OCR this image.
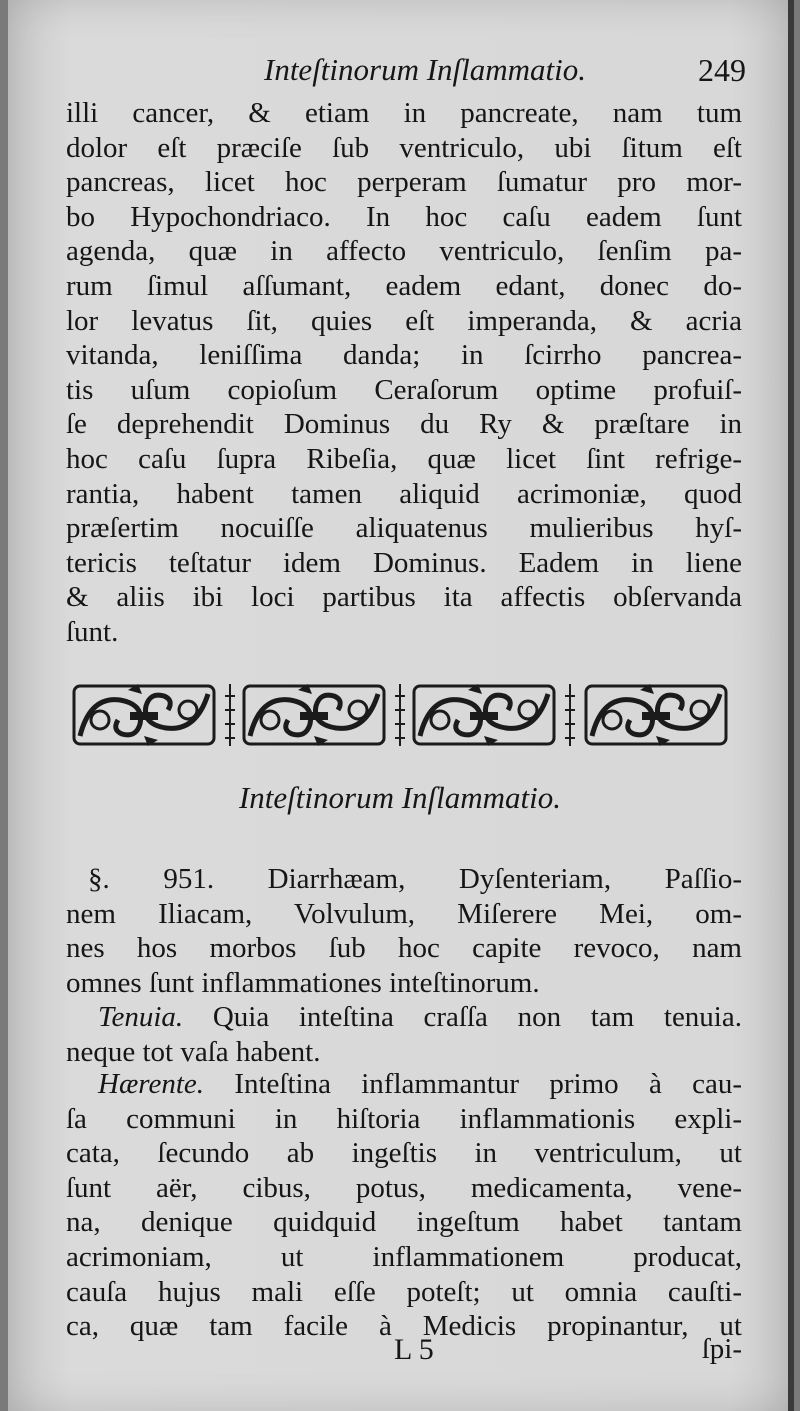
Inteſtinorum Inſlammatio.	249
illi cancer, & etiam in pancreate, nam tum
dolor eſt præciſe ſub ventriculo, ubi ſitum eſt
pancreas, licet hoc perperam ſumatur pro mor-
bo Hypochondriaco. In hoc caſu eadem ſunt
agenda, quæ in affecto ventriculo, ſenſim pa-
rum ſimul aſſumant, eadem edant, donec do-
lor levatus ſit, quies eſt imperanda, & acria
vitanda, leniſſima danda; in ſcirrho pancrea-
tis uſum copioſum Ceraſorum optime profuiſ-
ſe deprehendit Dominus du Ry & præſtare in
hoc caſu ſupra Ribeſia, quæ licet ſint refrige-
rantia, habent tamen aliquid acrimoniæ, quod
præſertim nocuiſſe aliquatenus mulieribus hyſ-
tericis teſtatur idem Dominus. Eadem in liene
& aliis ibi loci partibus ita affectis obſervanda
ſunt.
Inteſtinorum Inſlammatio.
§. 951. Diarrhæam, Dyſenteriam, Paſſio-
nem Iliacam, Volvulum, Miſerere Mei, om-
nes hos morbos ſub hoc capite revoco, nam
omnes ſunt inflammationes inteſtinorum.
Tenuia. Quia inteſtina craſſa non tam tenuia.
neque tot vaſa habent.
Hærente. Inteſtina inflammantur primo à cau-
ſa communi in hiſtoria inflammationis expli-
cata, ſecundo ab ingeſtis in ventriculum, ut
ſunt aër, cibus, potus, medicamenta, vene-
na, denique quidquid ingeſtum habet tantam
acrimoniam, ut inflammationem producat,
cauſa hujus mali eſſe poteſt; ut omnia cauſti-
ca, quæ tam facile à Medicis propinantur, ut
L 5	ſpi-
